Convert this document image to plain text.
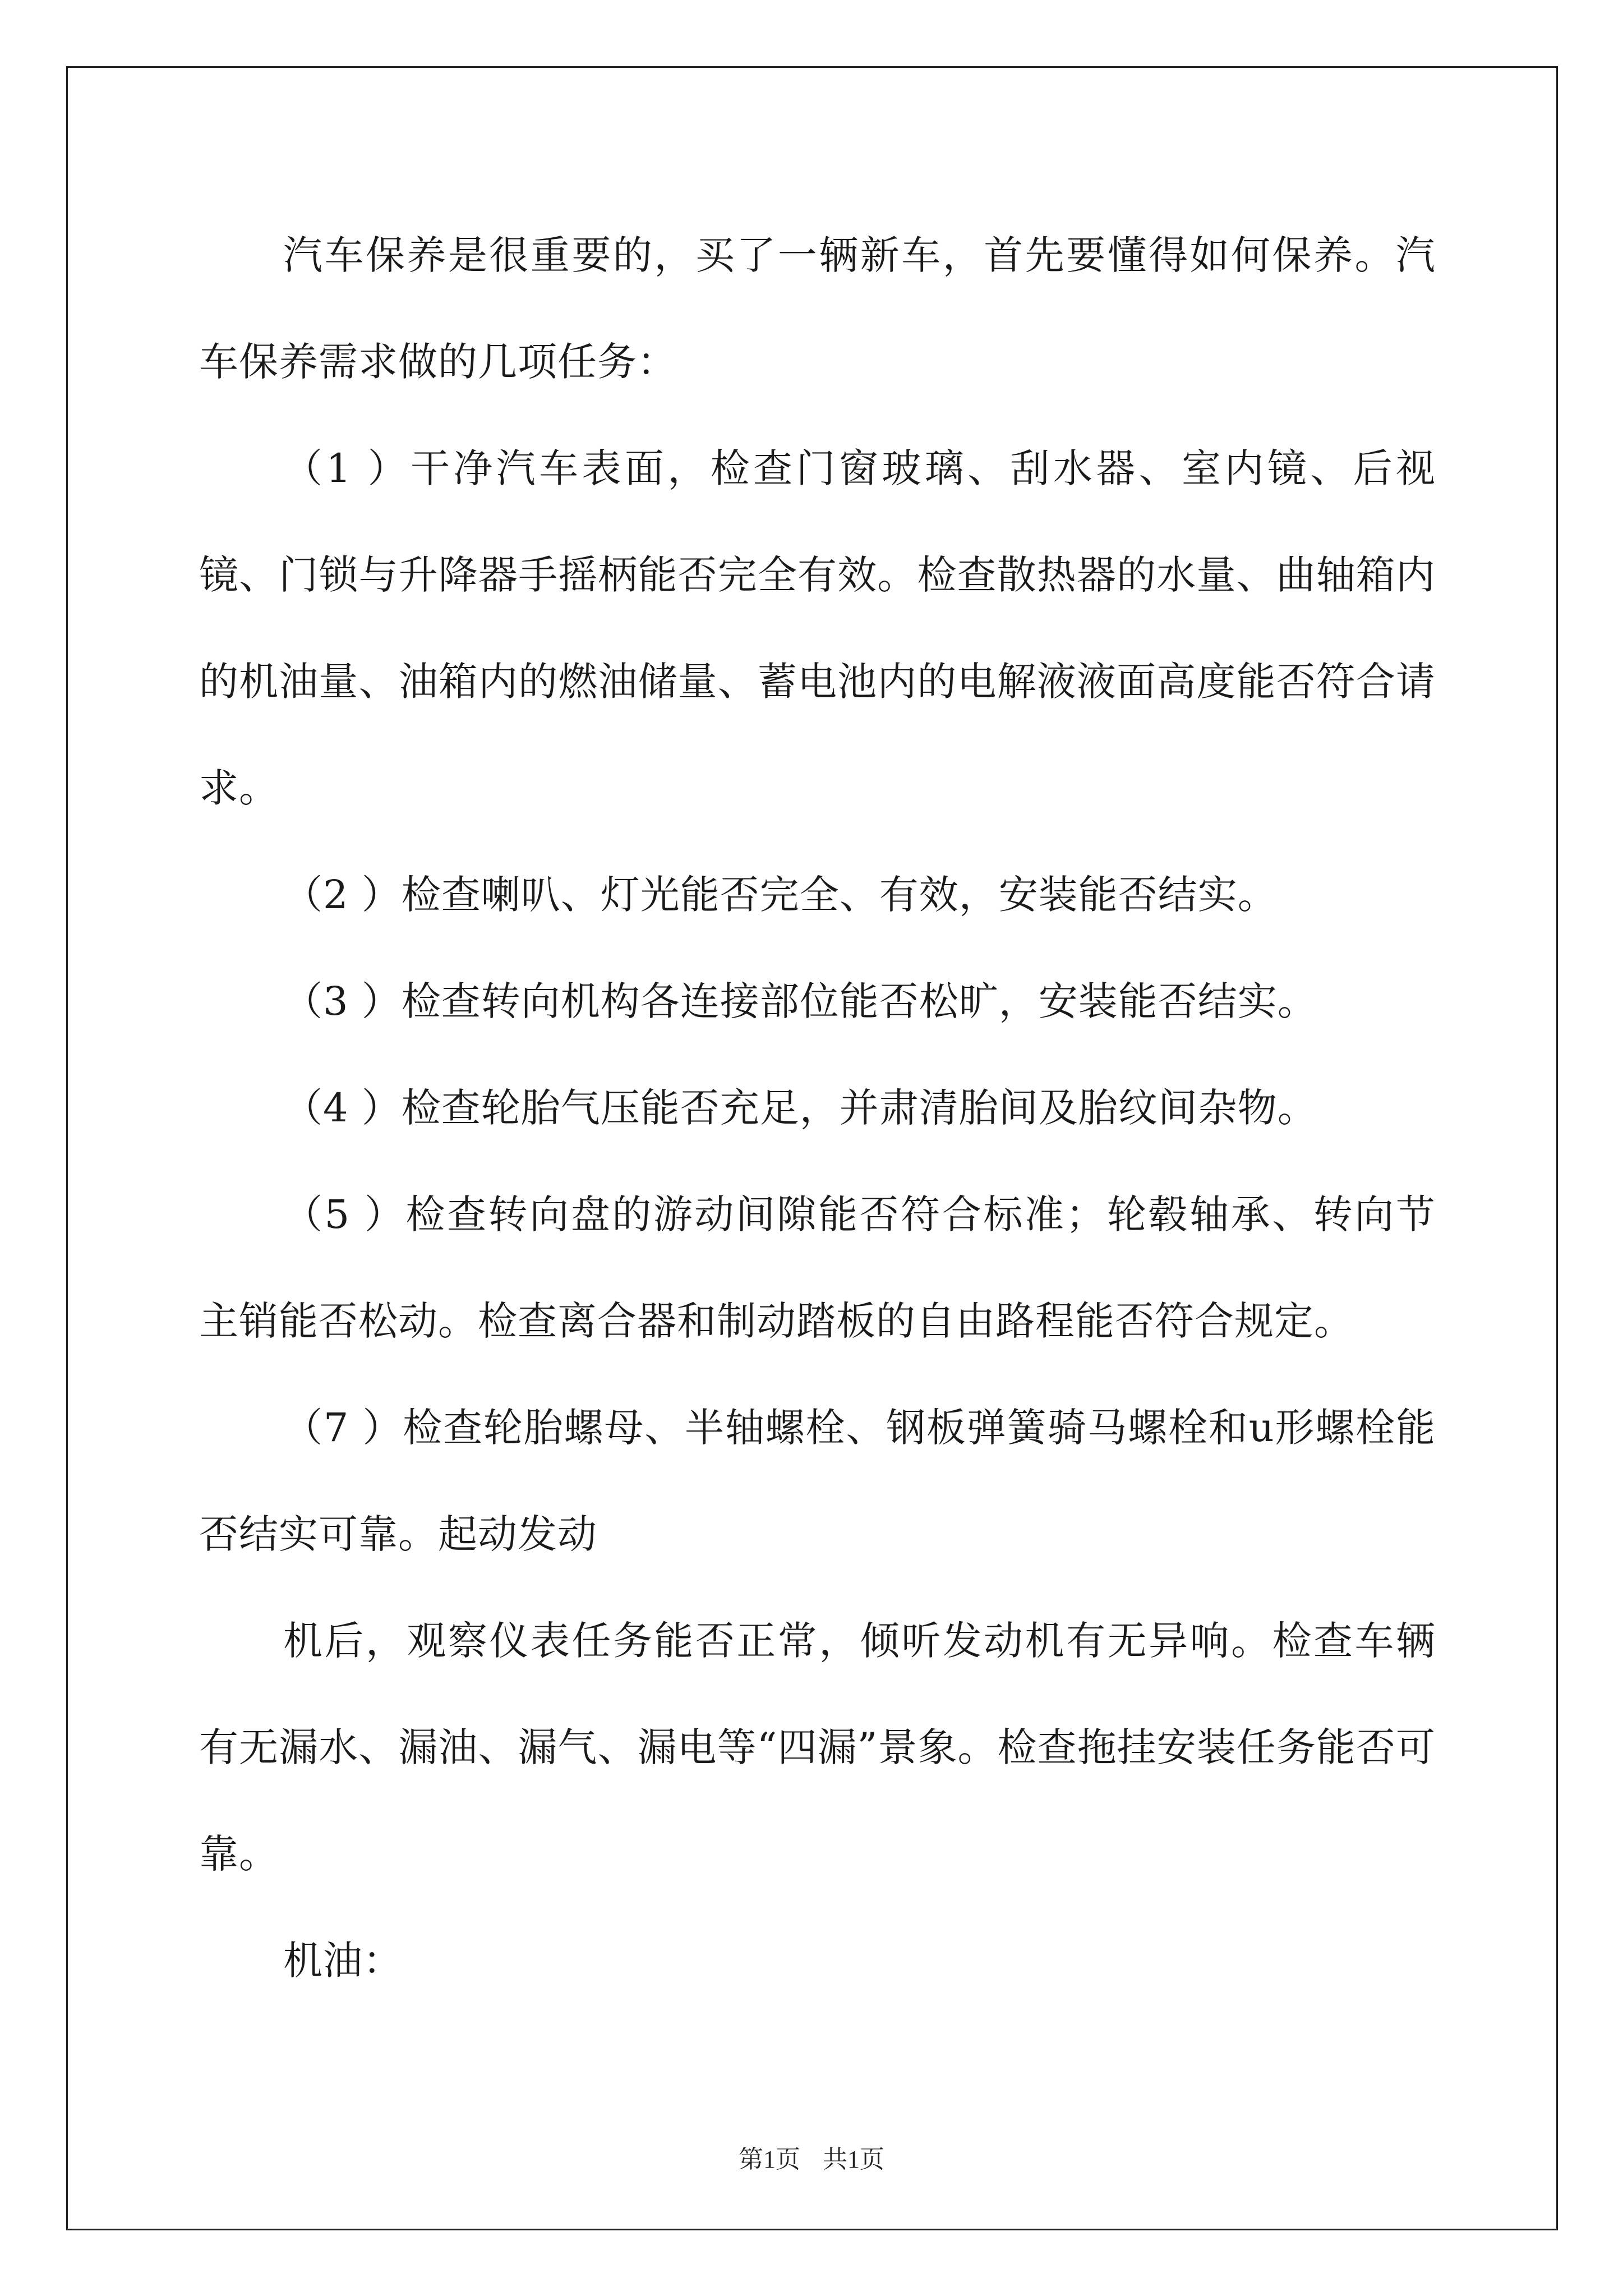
汽车保养是很重要的，买了一辆新车，首先要懂得如何保养。汽车保养需求做的几项任务：

（1 ）干净汽车表面，检查门窗玻璃、刮水器、室内镜、后视镜、门锁与升降器手摇柄能否完全有效。检查散热器的水量、曲轴箱内的机油量、油箱内的燃油储量、蓄电池内的电解液液面高度能否符合请求。

（2 ）检查喇叭、灯光能否完全、有效，安装能否结实。

（3 ）检查转向机构各连接部位能否松旷，安装能否结实。

（4 ）检查轮胎气压能否充足，并肃清胎间及胎纹间杂物。

（5 ）检查转向盘的游动间隙能否符合标准；轮毂轴承、转向节主销能否松动。检查离合器和制动踏板的自由路程能否符合规定。

（7 ）检查轮胎螺母、半轴螺栓、钢板弹簧骑马螺栓和u形螺栓能否结实可靠。起动发动

机后，观察仪表任务能否正常，倾听发动机有无异响。检查车辆有无漏水、漏油、漏气、漏电等“四漏”景象。检查拖挂安装任务能否可靠。

机油：

第1页 共1页
